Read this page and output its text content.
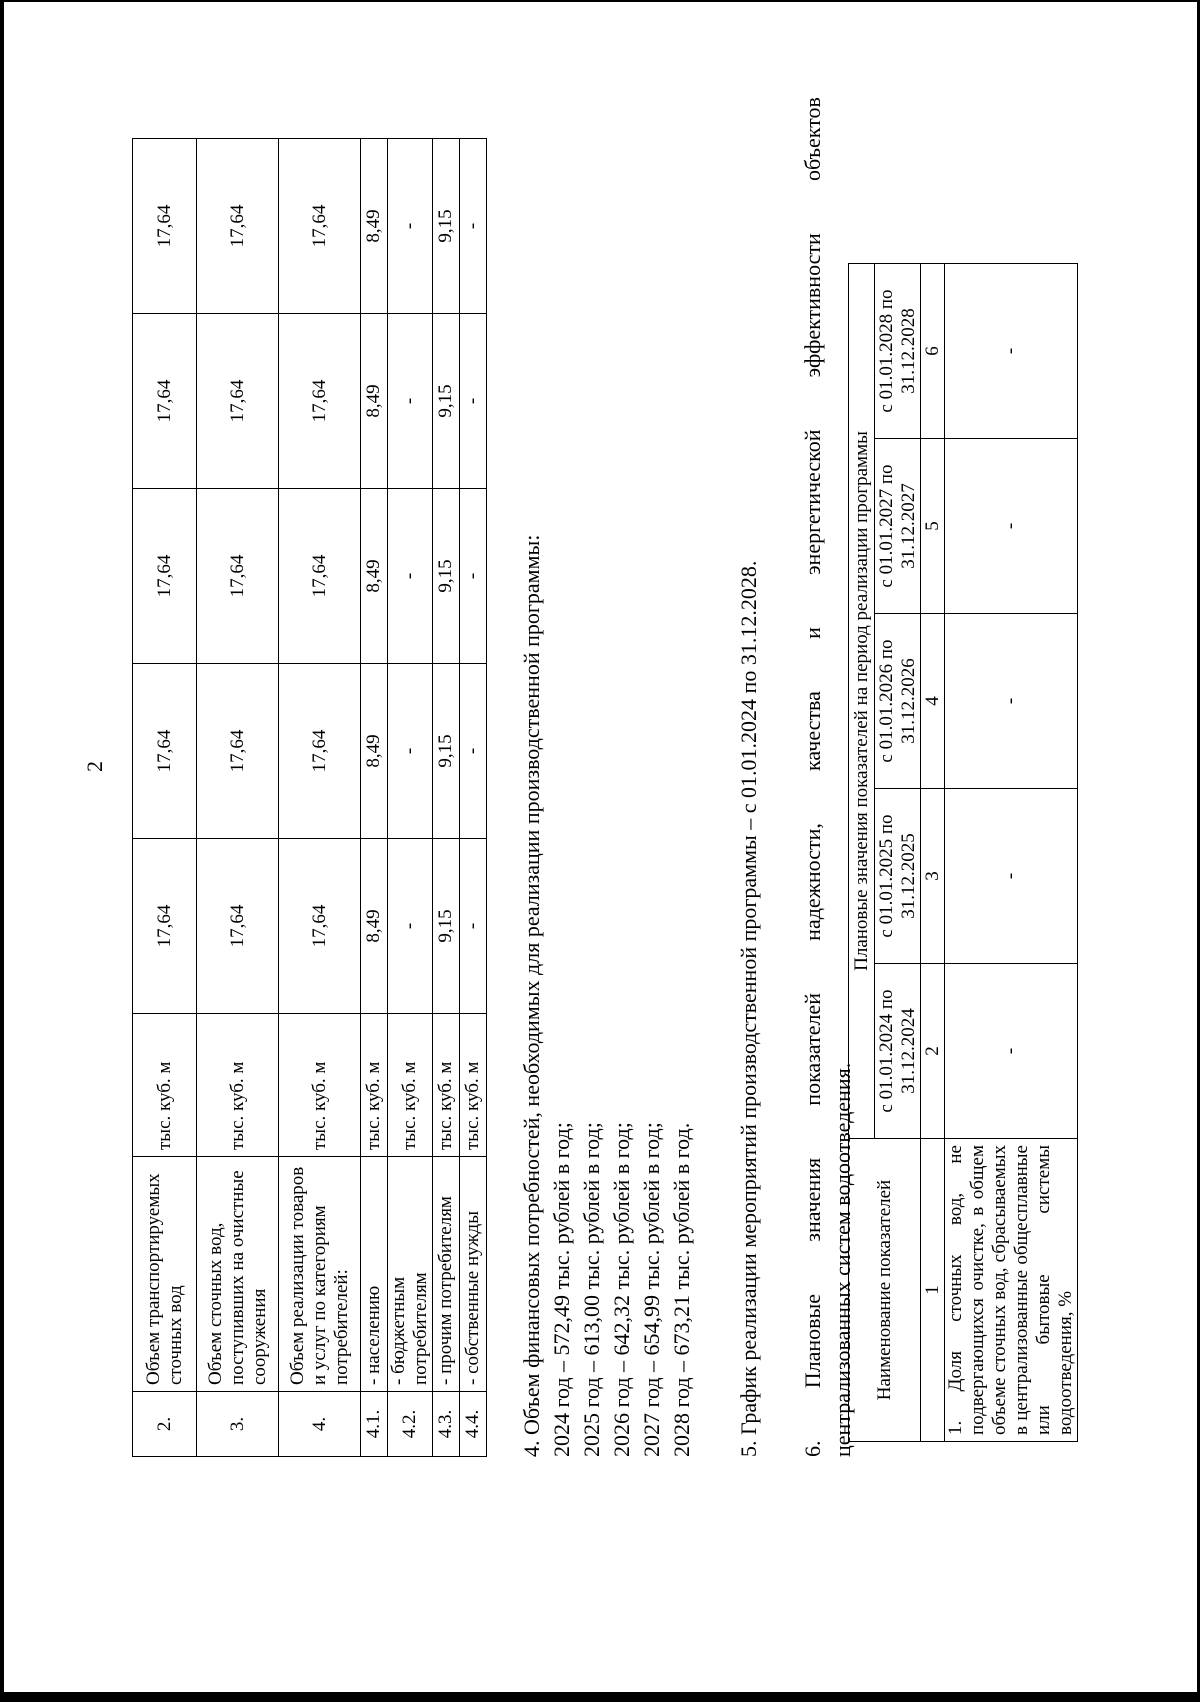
2
2.	Объем транспортируемых сточных вод	тыс. куб. м	17,64	17,64	17,64	17,64	17,64
3.	Объем сточных вод, поступивших на очистные сооружения	тыс. куб. м	17,64	17,64	17,64	17,64	17,64
4.	Объем реализации товаров и услуг по категориям потребителей:	тыс. куб. м	17,64	17,64	17,64	17,64	17,64
4.1.	- населению	тыс. куб. м	8,49	8,49	8,49	8,49	8,49
4.2.	- бюджетным потребителям	тыс. куб. м	-	-	-	-	-
4.3.	- прочим потребителям	тыс. куб. м	9,15	9,15	9,15	9,15	9,15
4.4.	- собственные нужды	тыс. куб. м	-	-	-	-	-
4. Объем финансовых потребностей, необходимых для реализации производственной программы: 2024 год – 572,49 тыс. рублей в год; 2025 год – 613,00 тыс. рублей в год; 2026 год – 642,32 тыс. рублей в год; 2027 год – 654,99 тыс. рублей в год; 2028 год – 673,21 тыс. рублей в год. 5. График реализации мероприятий производственной программы – с 01.01.2024 по 31.12.2028. 6.
Плановые
значения
показателей
надежности,
качества
и
энергетической
эффективности
объектов
централизованных систем водоотведения. Наименование показателей	Плановые значения показателей на период реализации программы				
	с 01.01.2024 по 31.12.2024	с 01.01.2025 по 31.12.2025	с 01.01.2026 по 31.12.2026	с 01.01.2027 по 31.12.2027	с 01.01.2028 по 31.12.2028
1	2	3	4	5	6
1. Доля сточных вод, не подвергающихся очистке, в общем объеме сточных вод, сбрасываемых в централизованные общесплавные или бытовые системы водоотведения, %	-	-	-	-	-
